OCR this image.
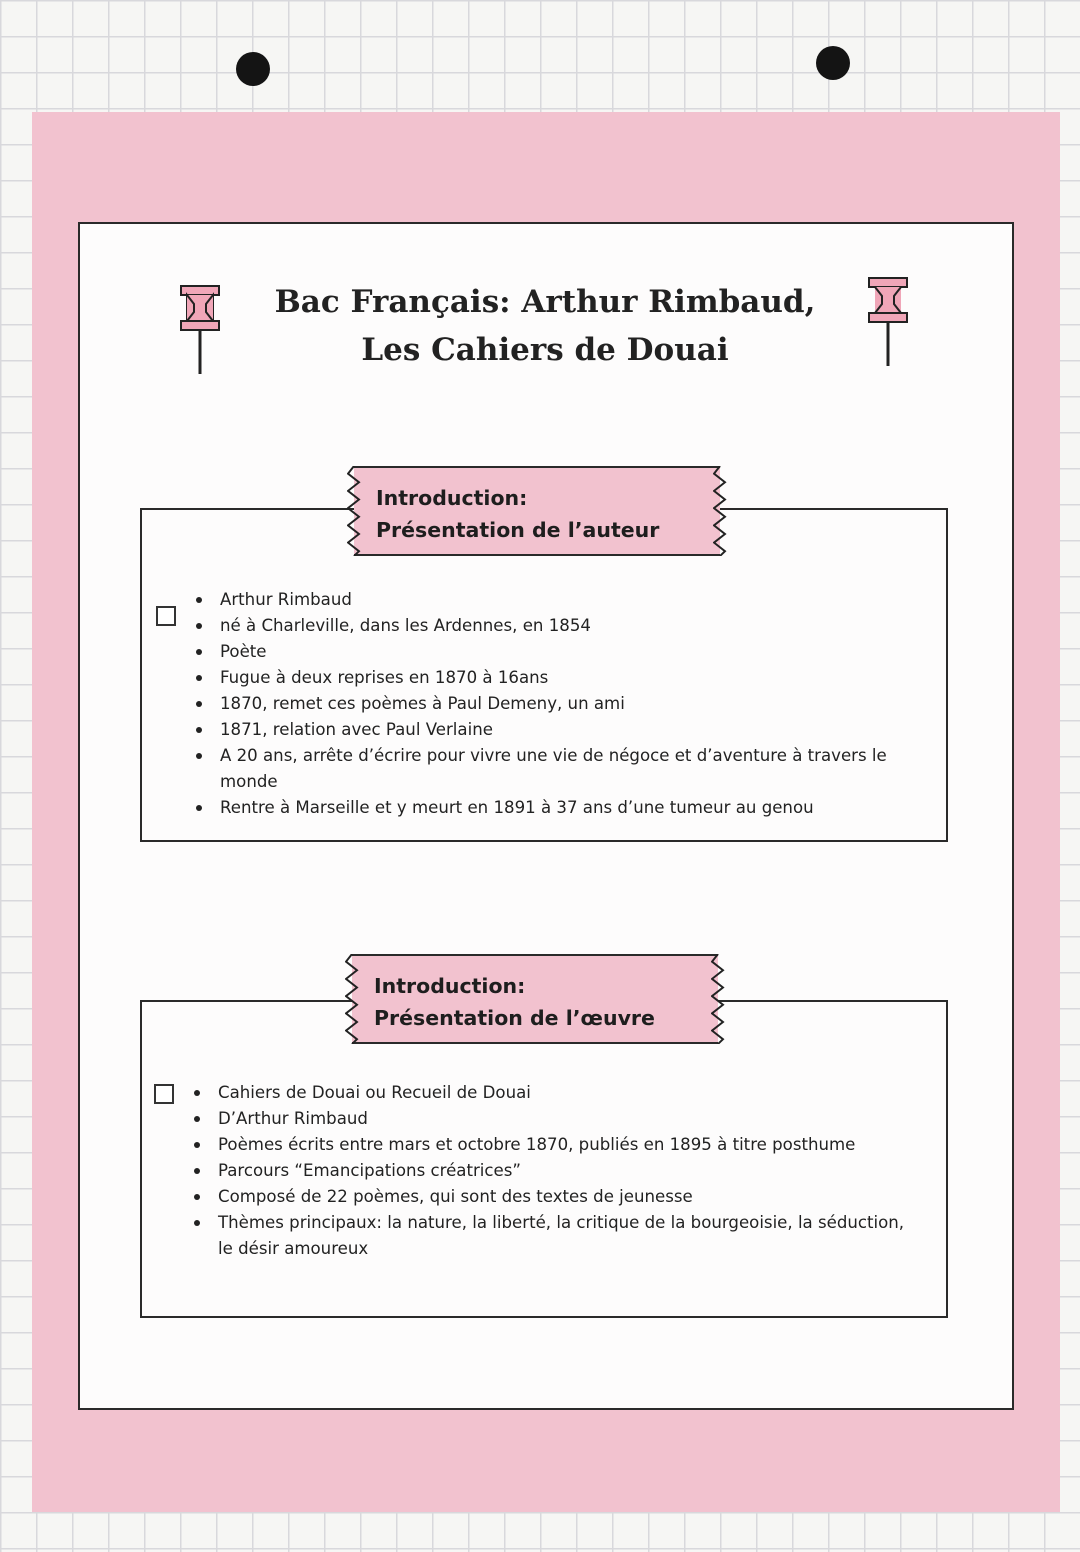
Bac Français: Arthur Rimbaud,
Les Cahiers de Douai
Introduction:
Présentation de l’auteur
Arthur Rimbaud
né à Charleville, dans les Ardennes, en 1854
Poète
Fugue à deux reprises en 1870 à 16ans
1870, remet ces poèmes à Paul Demeny, un ami
1871, relation avec Paul Verlaine
A 20 ans, arrête d’écrire pour vivre une vie de négoce et d’aventure à travers le monde
Rentre à Marseille et y meurt en 1891 à 37 ans d’une tumeur au genou
Introduction:
Présentation de l’œuvre
Cahiers de Douai ou Recueil de Douai
D’Arthur Rimbaud
Poèmes écrits entre mars et octobre 1870, publiés en 1895 à titre posthume
Parcours “Emancipations créatrices”
Composé de 22 poèmes, qui sont des textes de jeunesse
Thèmes principaux: la nature, la liberté, la critique de la bourgeoisie, la séduction, le désir amoureux
